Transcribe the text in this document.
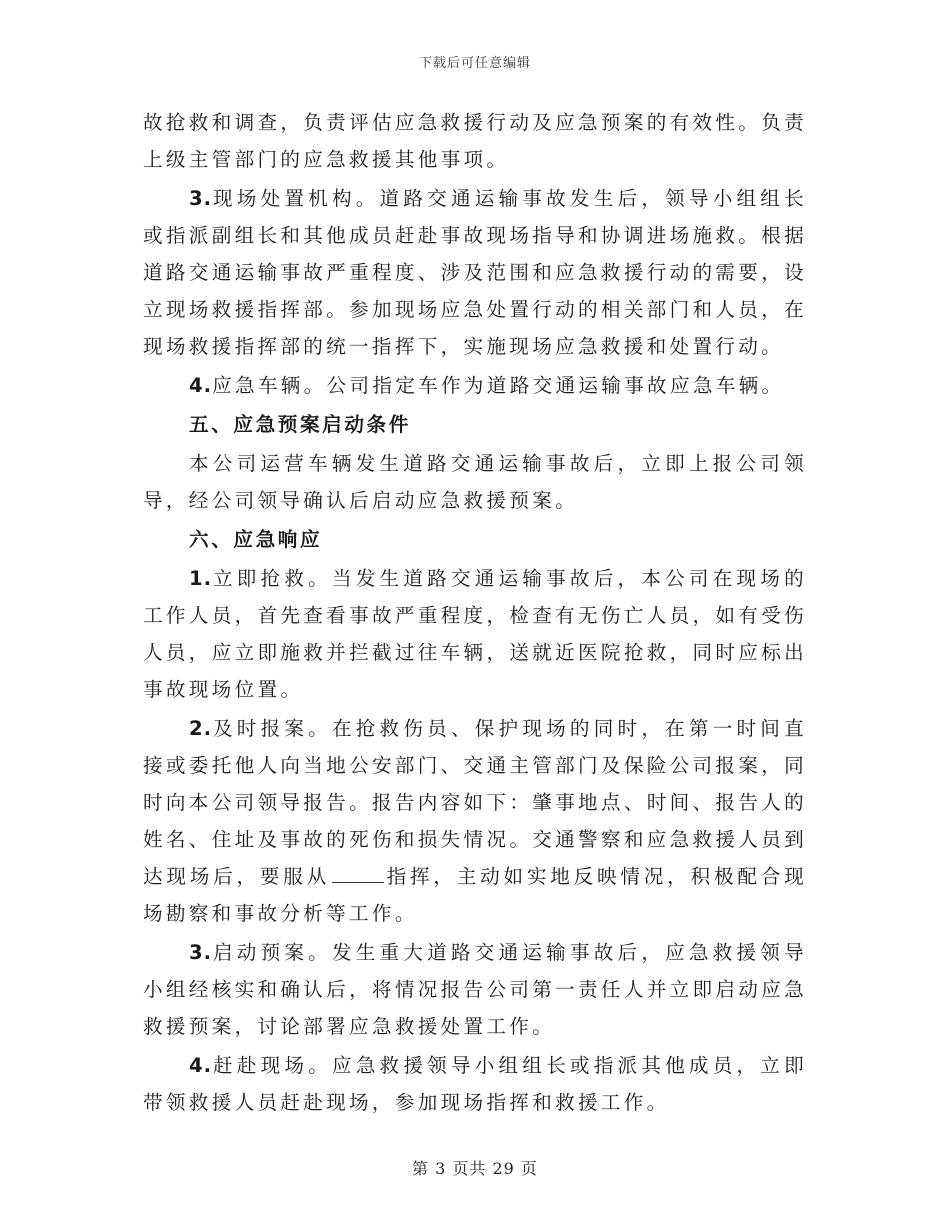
下载后可任意编辑

故抢救和调查，负责评估应急救援行动及应急预案的有效性。负责上级主管部门的应急救援其他事项。

3.现场处置机构。道路交通运输事故发生后，领导小组组长或指派副组长和其他成员赶赴事故现场指导和协调进场施救。根据道路交通运输事故严重程度、涉及范围和应急救援行动的需要，设立现场救援指挥部。参加现场应急处置行动的相关部门和人员，在现场救援指挥部的统一指挥下，实施现场应急救援和处置行动。

4.应急车辆。公司指定车作为道路交通运输事故应急车辆。

五、应急预案启动条件

本公司运营车辆发生道路交通运输事故后，立即上报公司领导，经公司领导确认后启动应急救援预案。

六、应急响应

1.立即抢救。当发生道路交通运输事故后，本公司在现场的工作人员，首先查看事故严重程度，检查有无伤亡人员，如有受伤人员，应立即施救并拦截过往车辆，送就近医院抢救，同时应标出事故现场位置。

2.及时报案。在抢救伤员、保护现场的同时，在第一时间直接或委托他人向当地公安部门、交通主管部门及保险公司报案，同时向本公司领导报告。报告内容如下：肇事地点、时间、报告人的姓名、住址及事故的死伤和损失情况。交通警察和应急救援人员到达现场后，要服从	指挥，主动如实地反映情况，积极配合现场勘察和事故分析等工作。

3.启动预案。发生重大道路交通运输事故后，应急救援领导小组经核实和确认后，将情况报告公司第一责任人并立即启动应急救援预案，讨论部署应急救援处置工作。

4.赶赴现场。应急救援领导小组组长或指派其他成员，立即带领救援人员赶赴现场，参加现场指挥和救援工作。

第 3 页共 29 页
